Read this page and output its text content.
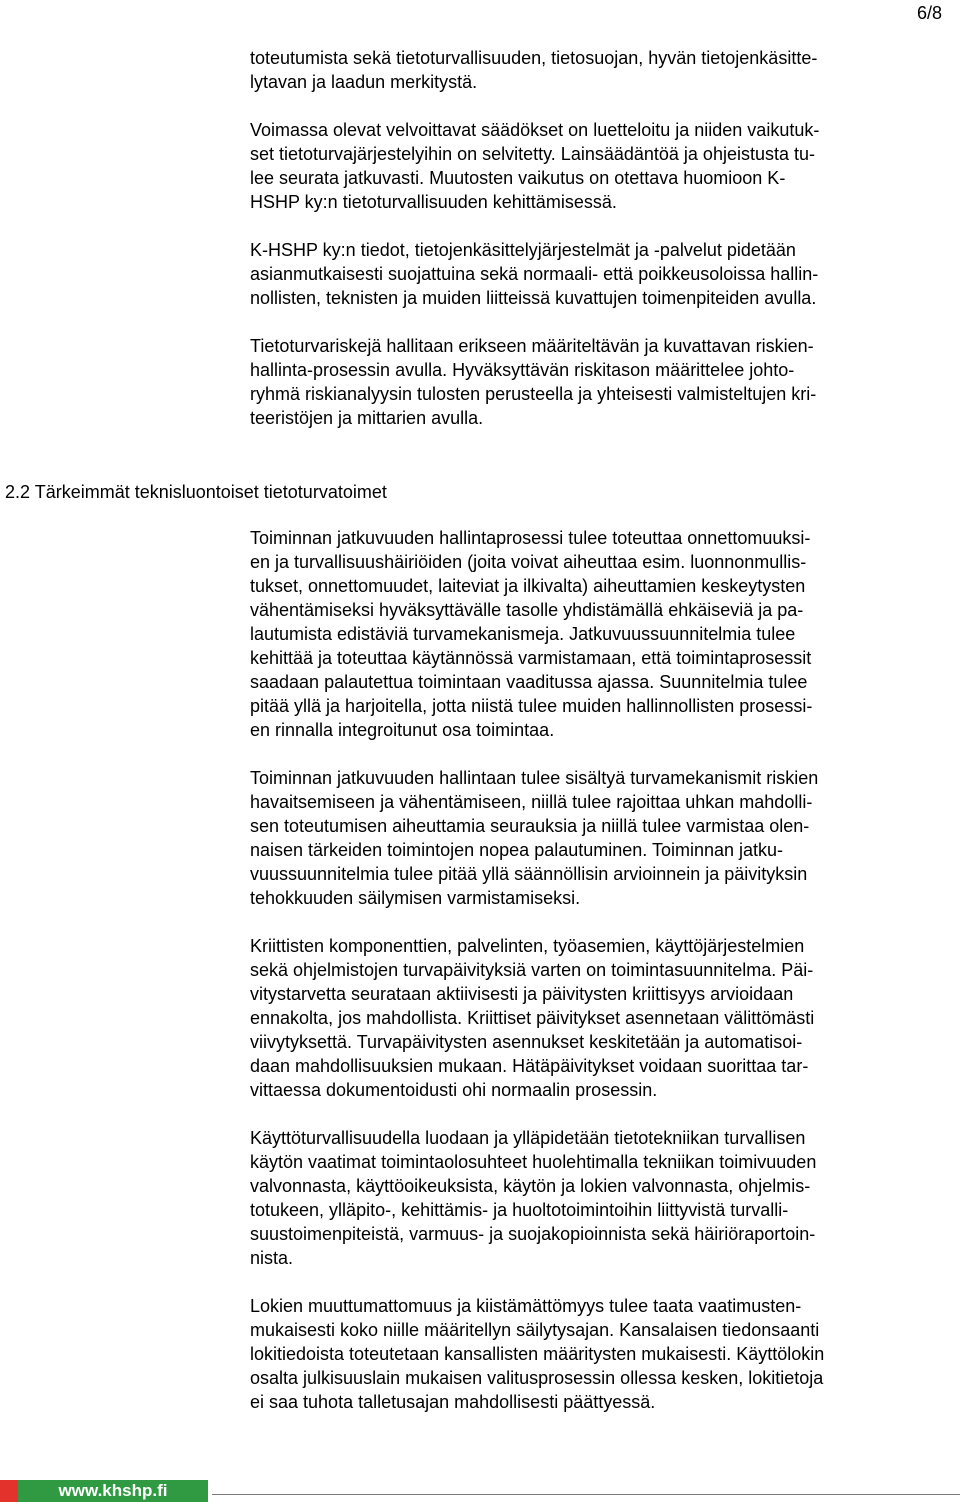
6/8
toteutumista sekä tietoturvallisuuden, tietosuojan, hyvän tietojenkäsitte-
lytavan ja laadun merkitystä.
Voimassa olevat velvoittavat säädökset on luetteloitu ja niiden vaikutuk-
set tietoturvajärjestelyihin on selvitetty. Lainsäädäntöä ja ohjeistusta tu-
lee seurata jatkuvasti. Muutosten vaikutus on otettava huomioon K-
HSHP ky:n tietoturvallisuuden kehittämisessä.
K-HSHP ky:n tiedot, tietojenkäsittelyjärjestelmät ja -palvelut pidetään
asianmutkaisesti suojattuina sekä normaali- että poikkeusoloissa hallin-
nollisten, teknisten ja muiden liitteissä kuvattujen toimenpiteiden avulla.
Tietoturvariskejä hallitaan erikseen määriteltävän ja kuvattavan riskien-
hallinta-prosessin avulla. Hyväksyttävän riskitason määrittelee johto-
ryhmä riskianalyysin tulosten perusteella ja yhteisesti valmisteltujen kri-
teeristöjen ja mittarien avulla.
2.2 Tärkeimmät teknisluontoiset tietoturvatoimet
Toiminnan jatkuvuuden hallintaprosessi tulee toteuttaa onnettomuuksi-
en ja turvallisuushäiriöiden (joita voivat aiheuttaa esim. luonnonmullis-
tukset, onnettomuudet, laiteviat ja ilkivalta) aiheuttamien keskeytysten
vähentämiseksi hyväksyttävälle tasolle yhdistämällä ehkäiseviä ja pa-
lautumista edistäviä turvamekanismeja. Jatkuvuussuunnitelmia tulee
kehittää ja toteuttaa käytännössä varmistamaan, että toimintaprosessit
saadaan palautettua toimintaan vaaditussa ajassa. Suunnitelmia tulee
pitää yllä ja harjoitella, jotta niistä tulee muiden hallinnollisten prosessi-
en rinnalla integroitunut osa toimintaa.
Toiminnan jatkuvuuden hallintaan tulee sisältyä turvamekanismit riskien
havaitsemiseen ja vähentämiseen, niillä tulee rajoittaa uhkan mahdolli-
sen toteutumisen aiheuttamia seurauksia ja niillä tulee varmistaa olen-
naisen tärkeiden toimintojen nopea palautuminen. Toiminnan jatku-
vuussuunnitelmia tulee pitää yllä säännöllisin arvioinnein ja päivityksin
tehokkuuden säilymisen varmistamiseksi.
Kriittisten komponenttien, palvelinten, työasemien, käyttöjärjestelmien
sekä ohjelmistojen turvapäivityksiä varten on toimintasuunnitelma. Päi-
vitystarvetta seurataan aktiivisesti ja päivitysten kriittisyys arvioidaan
ennakolta, jos mahdollista. Kriittiset päivitykset asennetaan välittömästi
viivytyksettä. Turvapäivitysten asennukset keskitetään ja automatisoi-
daan mahdollisuuksien mukaan. Hätäpäivitykset voidaan suorittaa tar-
vittaessa dokumentoidusti ohi normaalin prosessin.
Käyttöturvallisuudella luodaan ja ylläpidetään tietotekniikan turvallisen
käytön vaatimat toimintaolosuhteet huolehtimalla tekniikan toimivuuden
valvonnasta, käyttöoikeuksista, käytön ja lokien valvonnasta, ohjelmis-
totukeen, ylläpito-, kehittämis- ja huoltotoimintoihin liittyvistä turvalli-
suustoimenpiteistä, varmuus- ja suojakopioinnista sekä häiriöraportoin-
nista.
Lokien muuttumattomuus ja kiistämättömyys tulee taata vaatimusten-
mukaisesti koko niille määritellyn säilytysajan. Kansalaisen tiedonsaanti
lokitiedoista toteutetaan kansallisten määritysten mukaisesti. Käyttölokin
osalta julkisuuslain mukaisen valitusprosessin ollessa kesken, lokitietoja
ei saa tuhota talletusajan mahdollisesti päättyessä.
www.khshp.fi
